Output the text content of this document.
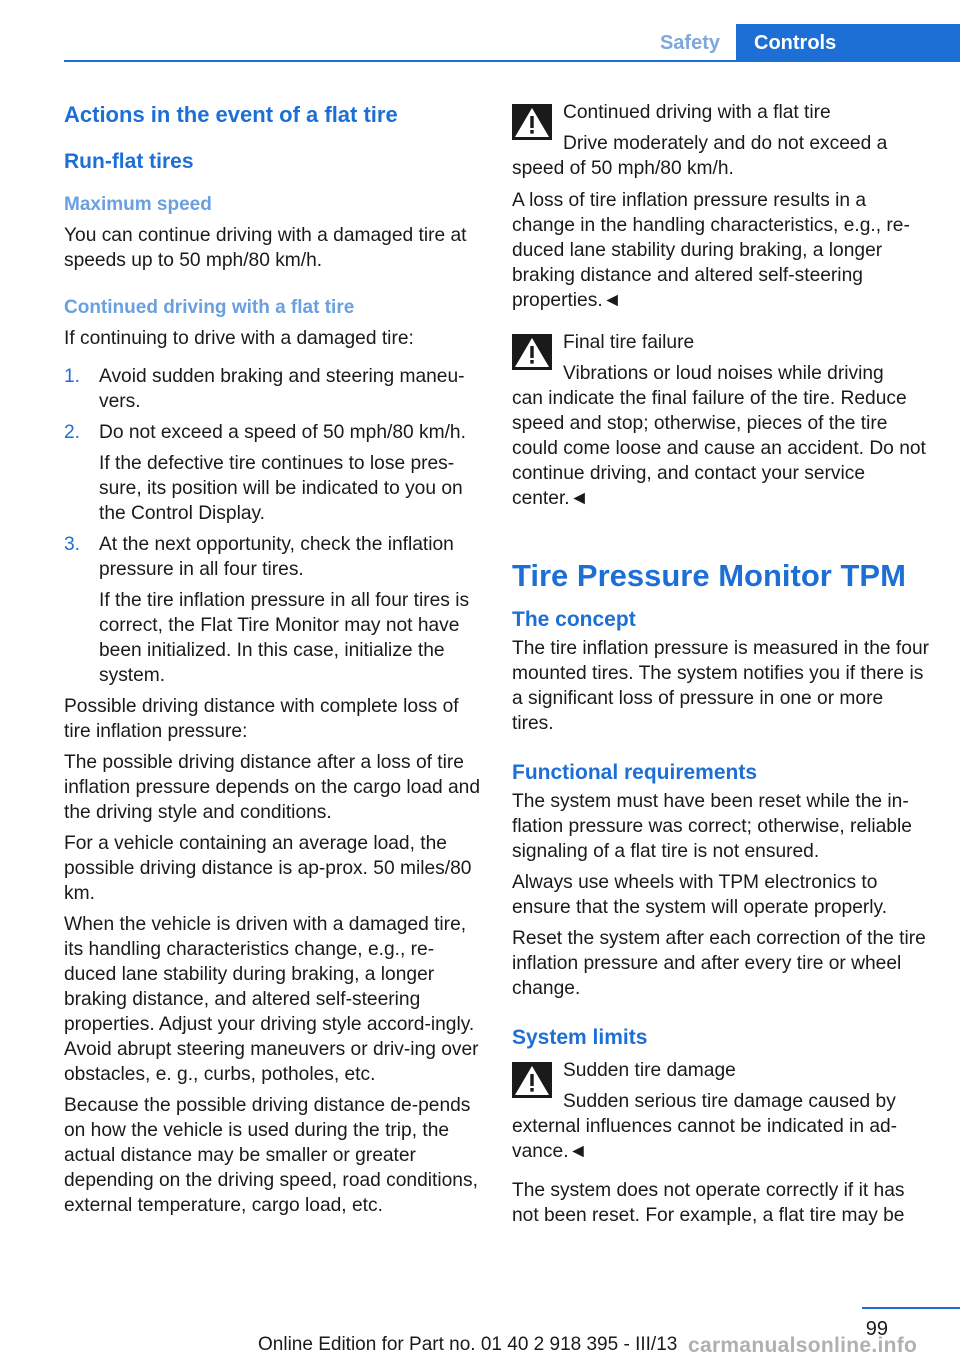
Safety	Controls
Actions in the event of a flat tire
Run-flat tires
Maximum speed

You can continue driving with a damaged tire at speeds up to 50 mph/80 km/h.

Continued driving with a flat tire

If continuing to drive with a damaged tire:

1. Avoid sudden braking and steering maneu‐vers.
2. Do not exceed a speed of 50 mph/80 km/h.
If the defective tire continues to lose pres‐sure, its position will be indicated to you on the Control Display.
3. At the next opportunity, check the inflation pressure in all four tires.
If the tire inflation pressure in all four tires is correct, the Flat Tire Monitor may not have been initialized. In this case, initialize the system.

Possible driving distance with complete loss of tire inflation pressure:

The possible driving distance after a loss of tire inflation pressure depends on the cargo load and the driving style and conditions.

For a vehicle containing an average load, the possible driving distance is ap‐prox. 50 miles/80 km.

When the vehicle is driven with a damaged tire, its handling characteristics change, e.g., re‐duced lane stability during braking, a longer braking distance, and altered self-steering properties. Adjust your driving style accord‐ingly. Avoid abrupt steering maneuvers or driv‐ing over obstacles, e. g., curbs, potholes, etc.

Because the possible driving distance de‐pends on how the vehicle is used during the trip, the actual distance may be smaller or greater depending on the driving speed, road conditions, external temperature, cargo load, etc.

Continued driving with a flat tire
Drive moderately and do not exceed a
speed of 50 mph/80 km/h.

A loss of tire inflation pressure results in a change in the handling characteristics, e.g., re‐duced lane stability during braking, a longer braking distance and altered self-steering properties.◄

Final tire failure
Vibrations or loud noises while driving
can indicate the final failure of the tire. Reduce speed and stop; otherwise, pieces of the tire could come loose and cause an accident. Do not continue driving, and contact your service center.◄
Tire Pressure Monitor TPM
The concept

The tire inflation pressure is measured in the four mounted tires. The system notifies you if there is a significant loss of pressure in one or more tires.

Functional requirements

The system must have been reset while the in‐flation pressure was correct; otherwise, reliable signaling of a flat tire is not ensured.

Always use wheels with TPM electronics to ensure that the system will operate properly.

Reset the system after each correction of the tire inflation pressure and after every tire or wheel change.

System limits
Sudden tire damage
Sudden serious tire damage caused by
external influences cannot be indicated in ad‐vance.◄

The system does not operate correctly if it has not been reset. For example, a flat tire may be

99
Online Edition for Part no. 01 40 2 918 395 - III/13 carmanualsonline.info
